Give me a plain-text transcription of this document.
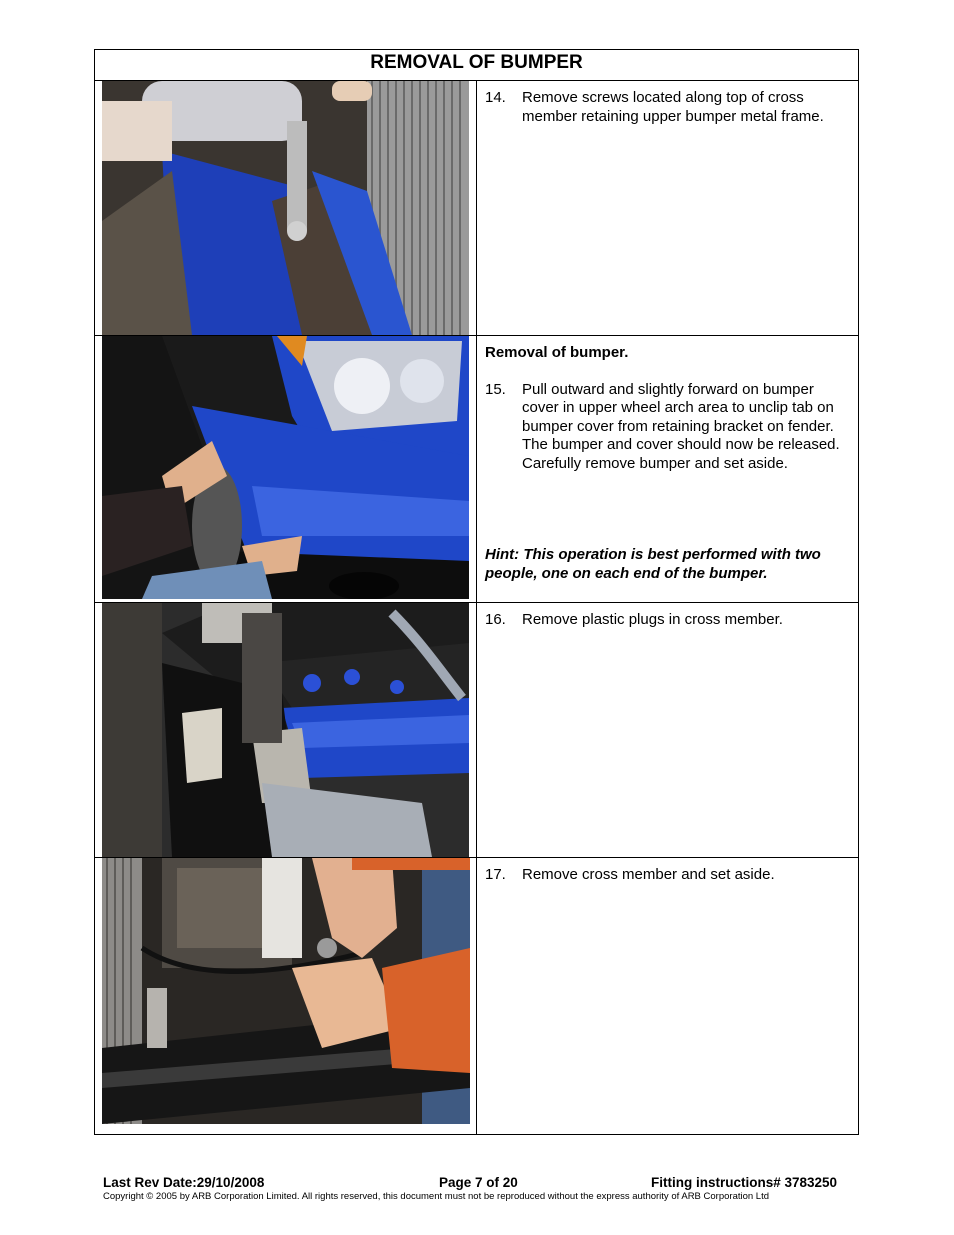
REMOVAL OF BUMPER
14.	Remove screws located along top of cross member retaining upper bumper metal frame.
Removal of bumper.
15.	Pull outward and slightly forward on bumper cover in upper wheel arch area to unclip tab on bumper cover from retaining bracket on fender. The bumper and cover should now be released. Carefully remove bumper and set aside.
Hint: This operation is best performed with two people, one on each end of the bumper.
16.	Remove plastic plugs in cross member.
17.	Remove cross member and set aside.
Last Rev Date:29/10/2008	Page 7 of 20	Fitting instructions# 3783250
Copyright © 2005 by ARB Corporation Limited. All rights reserved, this document must not be reproduced without the express authority of ARB Corporation Ltd
